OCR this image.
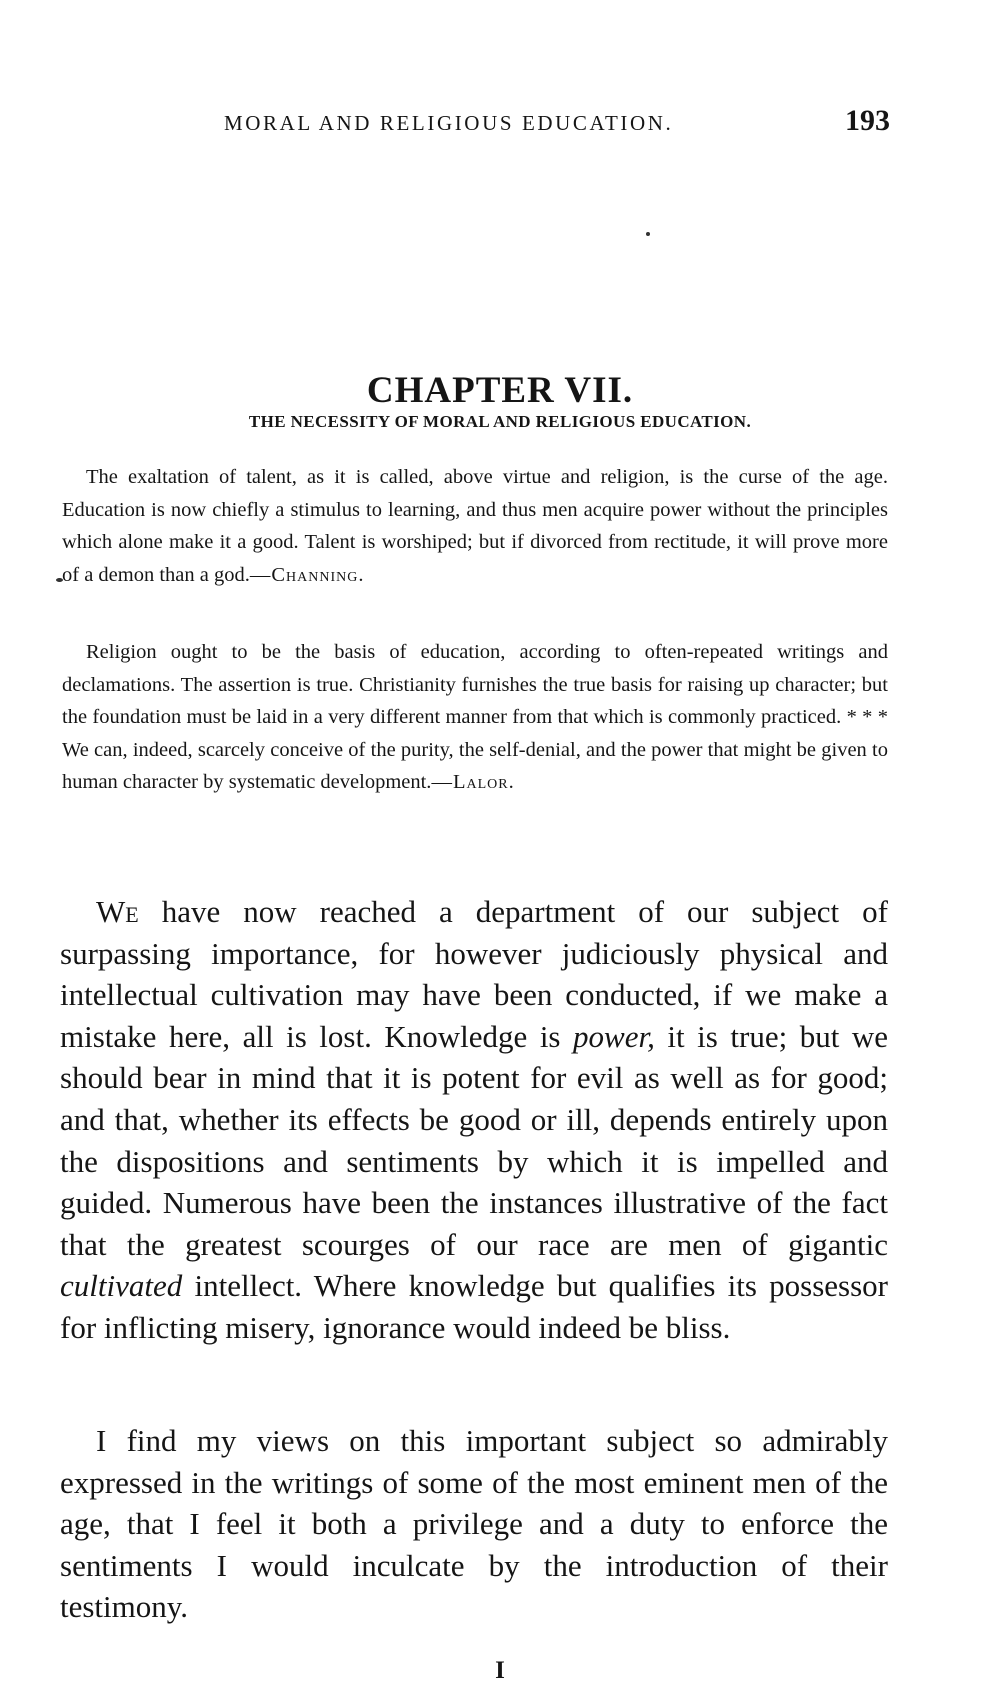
MORAL AND RELIGIOUS EDUCATION.	193
CHAPTER VII.
THE NECESSITY OF MORAL AND RELIGIOUS EDUCATION.

The exaltation of talent, as it is called, above virtue and religion, is the curse of the age. Education is now chiefly a stimulus to learning, and thus men acquire power without the principles which alone make it a good. Talent is worshiped; but if divorced from rectitude, it will prove more of a demon than a god.—Channing.

Religion ought to be the basis of education, according to often-repeated writings and declamations. The assertion is true. Christianity furnishes the true basis for raising up character; but the foundation must be laid in a very different manner from that which is commonly practiced. * * * We can, indeed, scarcely conceive of the purity, the self-denial, and the power that might be given to human character by systematic development.—Lalor.

We have now reached a department of our subject of surpassing importance, for however judiciously physical and intellectual cultivation may have been conducted, if we make a mistake here, all is lost. Knowledge is power, it is true; but we should bear in mind that it is potent for evil as well as for good; and that, whether its effects be good or ill, depends entirely upon the dispositions and sentiments by which it is impelled and guided. Numerous have been the instances illustrative of the fact that the greatest scourges of our race are men of gigantic cultivated intellect. Where knowledge but qualifies its possessor for inflicting misery, ignorance would indeed be bliss.

I find my views on this important subject so admirably expressed in the writings of some of the most eminent men of the age, that I feel it both a privilege and a duty to enforce the sentiments I would inculcate by the introduction of their testimony.

I
